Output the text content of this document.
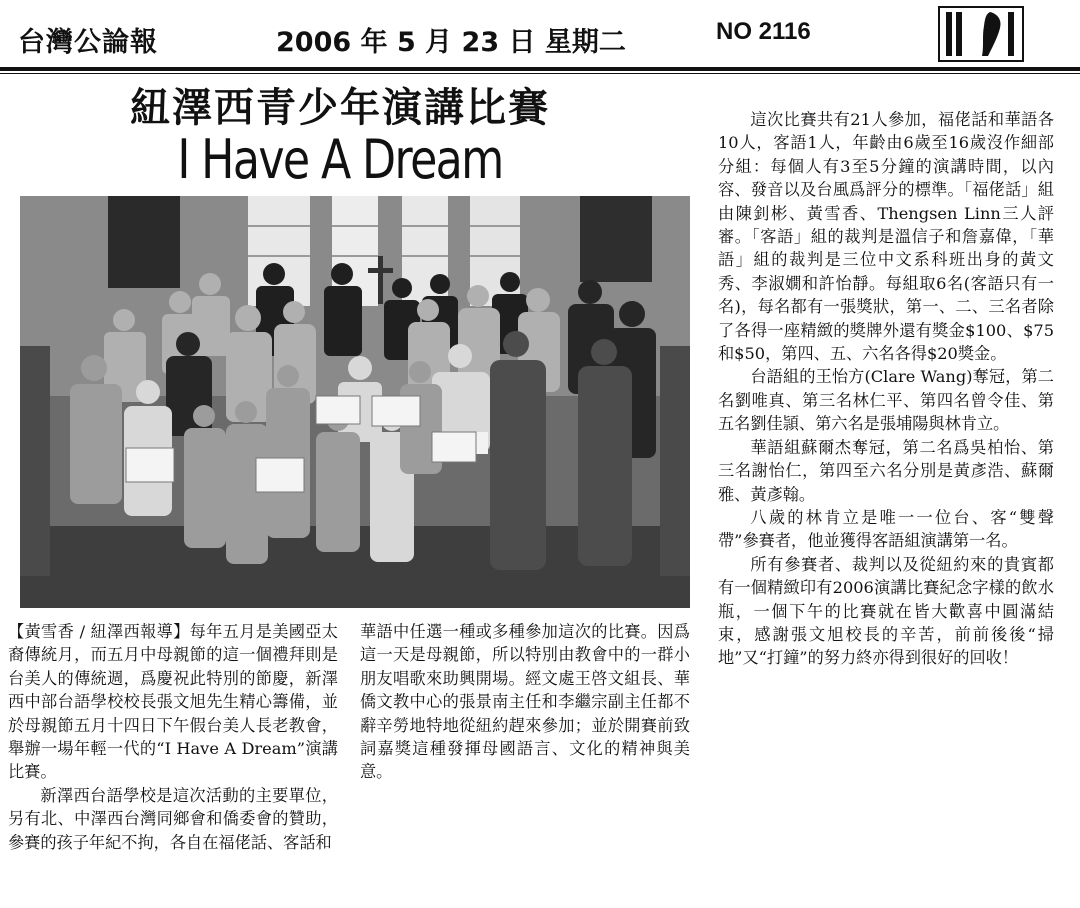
台灣公論報	2006 年 5 月 23 日 星期二	NO 2116
紐澤西青少年演講比賽
I Have A Dream

【黃雪香 / 紐澤西報導】每年五月是美國亞太裔傳統月，而五月中母親節的這一個禮拜則是台美人的傳統週，爲慶祝此特別的節慶，新澤西中部台語學校校長張文旭先生精心籌備，並於母親節五月十四日下午假台美人長老教會，舉辦一場年輕一代的“I Have A Dream”演講比賽。

新澤西台語學校是這次活動的主要單位，另有北、中澤西台灣同鄉會和僑委會的贊助，參賽的孩子年紀不拘，各自在福佬話、客話和

華語中任選一種或多種參加這次的比賽。因爲這一天是母親節，所以特別由教會中的一群小朋友唱歌來助興開場。經文處王啓文組長、華僑文教中心的張景南主任和李繼宗副主任都不辭辛勞地特地從紐約趕來參加；並於開賽前致詞嘉獎這種發揮母國語言、文化的精神與美意。

這次比賽共有21人參加，福佬話和華語各10人，客語1人，年齡由6歲至16歲沒作細部分組：每個人有3至5分鐘的演講時間，以內容、發音以及台風爲評分的標準。「福佬話」組由陳釗彬、黃雪香、Thengsen Linn三人評審。「客語」組的裁判是溫信子和詹嘉偉，「華語」組的裁判是三位中文系科班出身的黃文秀、李淑嫺和許怡靜。每組取6名(客語只有一名)，每名都有一張獎狀，第一、二、三名者除了各得一座精緻的獎牌外還有獎金$100、$75和$50，第四、五、六名各得$20獎金。

台語組的王怡方(Clare Wang)奪冠，第二名劉唯真、第三名林仁平、第四名曾令佳、第五名劉佳頴、第六名是張埔陽與林肯立。

華語組蘇爾杰奪冠，第二名爲吳柏怡、第三名謝怡仁，第四至六名分別是黃彥浩、蘇爾雅、黃彥翰。

八歲的林肯立是唯一一位台、客“雙聲帶”參賽者，他並獲得客語組演講第一名。

所有參賽者、裁判以及從紐約來的貴賓都有一個精緻印有2006演講比賽紀念字樣的飲水瓶，一個下午的比賽就在皆大歡喜中圓滿結束，感謝張文旭校長的辛苦，前前後後“掃地”又“打鐘”的努力終亦得到很好的回收！
